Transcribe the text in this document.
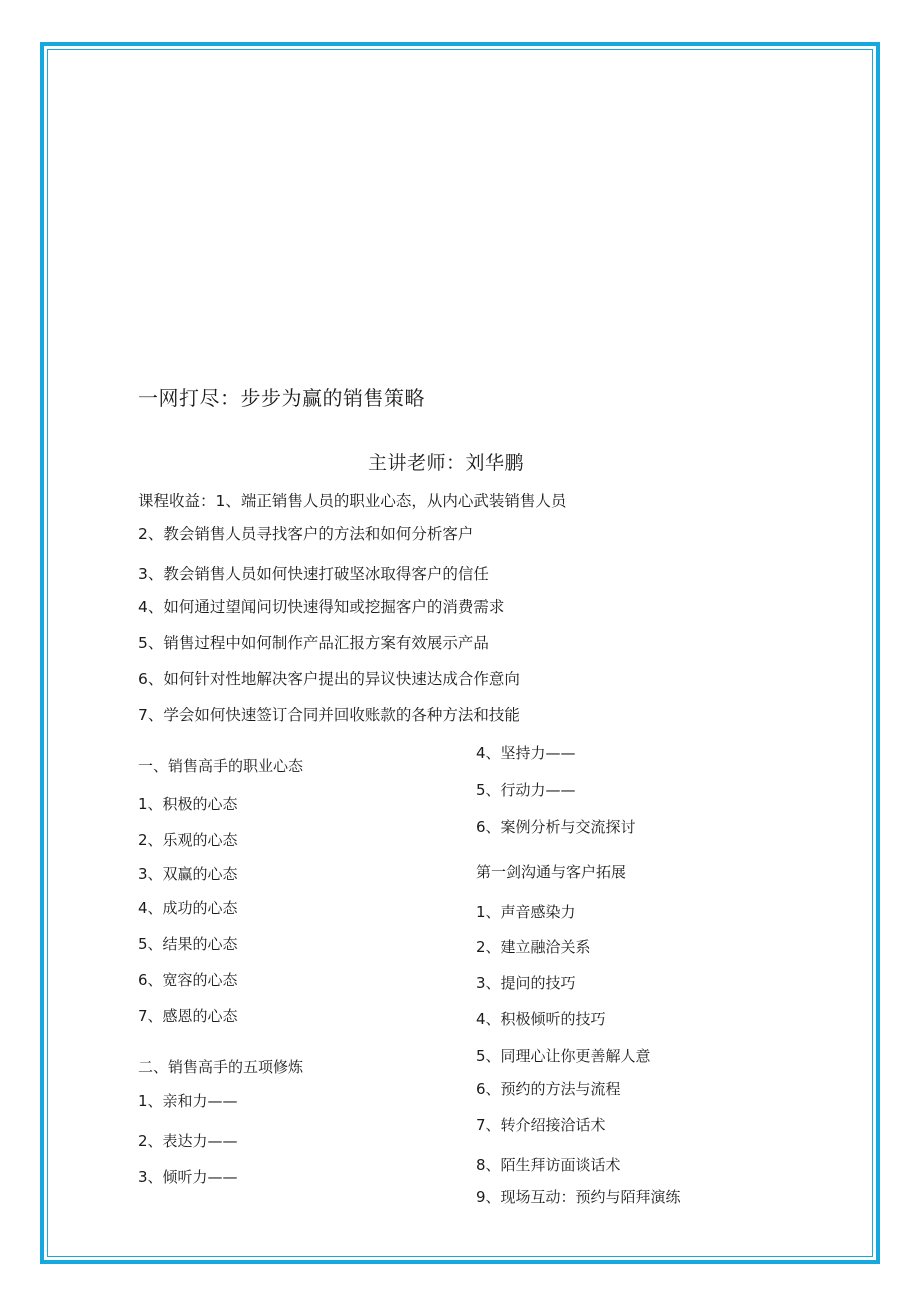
一网打尽：步步为赢的销售策略
主讲老师：刘华鹏
课程收益：1、端正销售人员的职业心态，从内心武装销售人员
2、教会销售人员寻找客户的方法和如何分析客户
3、教会销售人员如何快速打破坚冰取得客户的信任
4、如何通过望闻问切快速得知或挖掘客户的消费需求
5、销售过程中如何制作产品汇报方案有效展示产品
6、如何针对性地解决客户提出的异议快速达成合作意向
7、学会如何快速签订合同并回收账款的各种方法和技能
一、销售高手的职业心态
1、积极的心态
2、乐观的心态
3、双赢的心态
4、成功的心态
5、结果的心态
6、宽容的心态
7、感恩的心态
二、销售高手的五项修炼
1、亲和力——
2、表达力——
3、倾听力——
4、坚持力——
5、行动力——
6、案例分析与交流探讨
第一剑沟通与客户拓展
1、声音感染力
2、建立融洽关系
3、提问的技巧
4、积极倾听的技巧
5、同理心让你更善解人意
6、预约的方法与流程
7、转介绍接洽话术
8、陌生拜访面谈话术
9、现场互动：预约与陌拜演练
